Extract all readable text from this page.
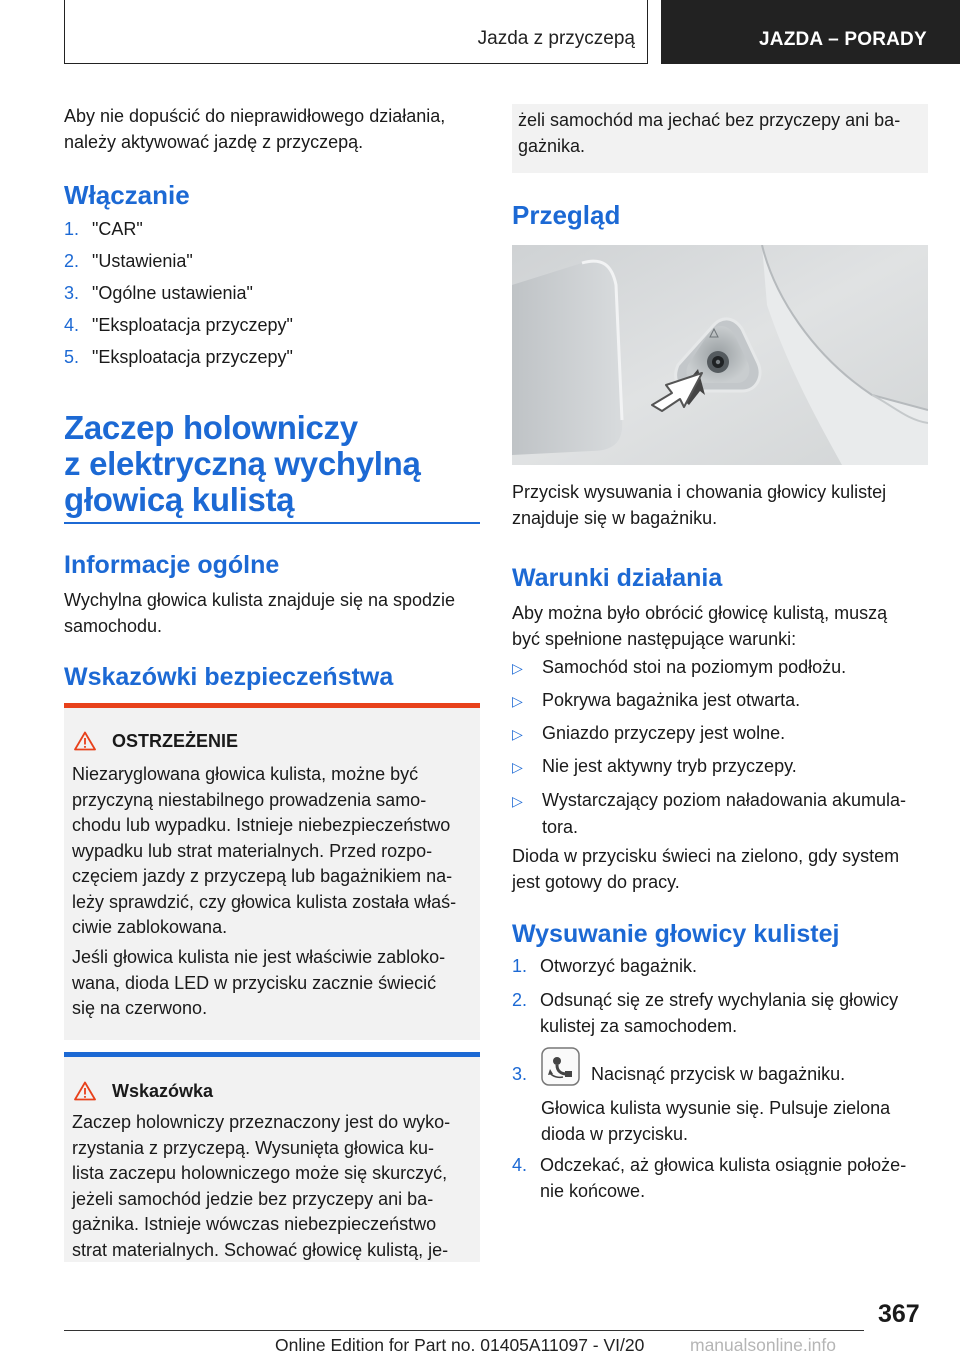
Jazda z przyczepą	JAZDA – PORADY

Aby nie dopuścić do nieprawidłowego działania,
należy aktywować jazdę z przyczepą.

Włączanie

1. "CAR"
2. "Ustawienia"
3. "Ogólne ustawienia"
4. "Eksploatacja przyczepy"
5. "Eksploatacja przyczepy"

Zaczep holowniczy
z elektryczną wychylną
głowicą kulistą

Informacje ogólne

Wychylna głowica kulista znajduje się na spodzie
samochodu.

Wskazówki bezpieczeństwa

OSTRZEŻENIE

Niezaryglowana głowica kulista, możne być
przyczyną niestabilnego prowadzenia samo-
chodu lub wypadku. Istnieje niebezpieczeństwo
wypadku lub strat materialnych. Przed rozpo-
częciem jazdy z przyczepą lub bagażnikiem na-
leży sprawdzić, czy głowica kulista została właś-
ciwie zablokowana.

Jeśli głowica kulista nie jest właściwie zabloko-
wana, dioda LED w przycisku zacznie świecić
się na czerwono.

Wskazówka

Zaczep holowniczy przeznaczony jest do wyko-
rzystania z przyczepą. Wysunięta głowica ku-
lista zaczepu holowniczego może się skurczyć,
jeżeli samochód jedzie bez przyczepy ani ba-
gażnika. Istnieje wówczas niebezpieczeństwo
strat materialnych. Schować głowicę kulistą, je-

żeli samochód ma jechać bez przyczepy ani ba-
gażnika.

Przegląd

Przycisk wysuwania i chowania głowicy kulistej
znajduje się w bagażniku.

Warunki działania

Aby można było obrócić głowicę kulistą, muszą
być spełnione następujące warunki:

▷ Samochód stoi na poziomym podłożu.
▷ Pokrywa bagażnika jest otwarta.
▷ Gniazdo przyczepy jest wolne.
▷ Nie jest aktywny tryb przyczepy.
▷ Wystarczający poziom naładowania akumula-
tora.

Dioda w przycisku świeci na zielono, gdy system
jest gotowy do pracy.

Wysuwanie głowicy kulistej

1. Otworzyć bagażnik.
2. Odsunąć się ze strefy wychylania się głowicy
kulistej za samochodem.
3.	Nacisnąć przycisk w bagażniku.

Głowica kulista wysunie się. Pulsuje zielona
dioda w przycisku.

4. Odczekać, aż głowica kulista osiągnie położe-
nie końcowe.

367

Online Edition for Part no. 01405A11097 - VI/20	manualsonline.info
